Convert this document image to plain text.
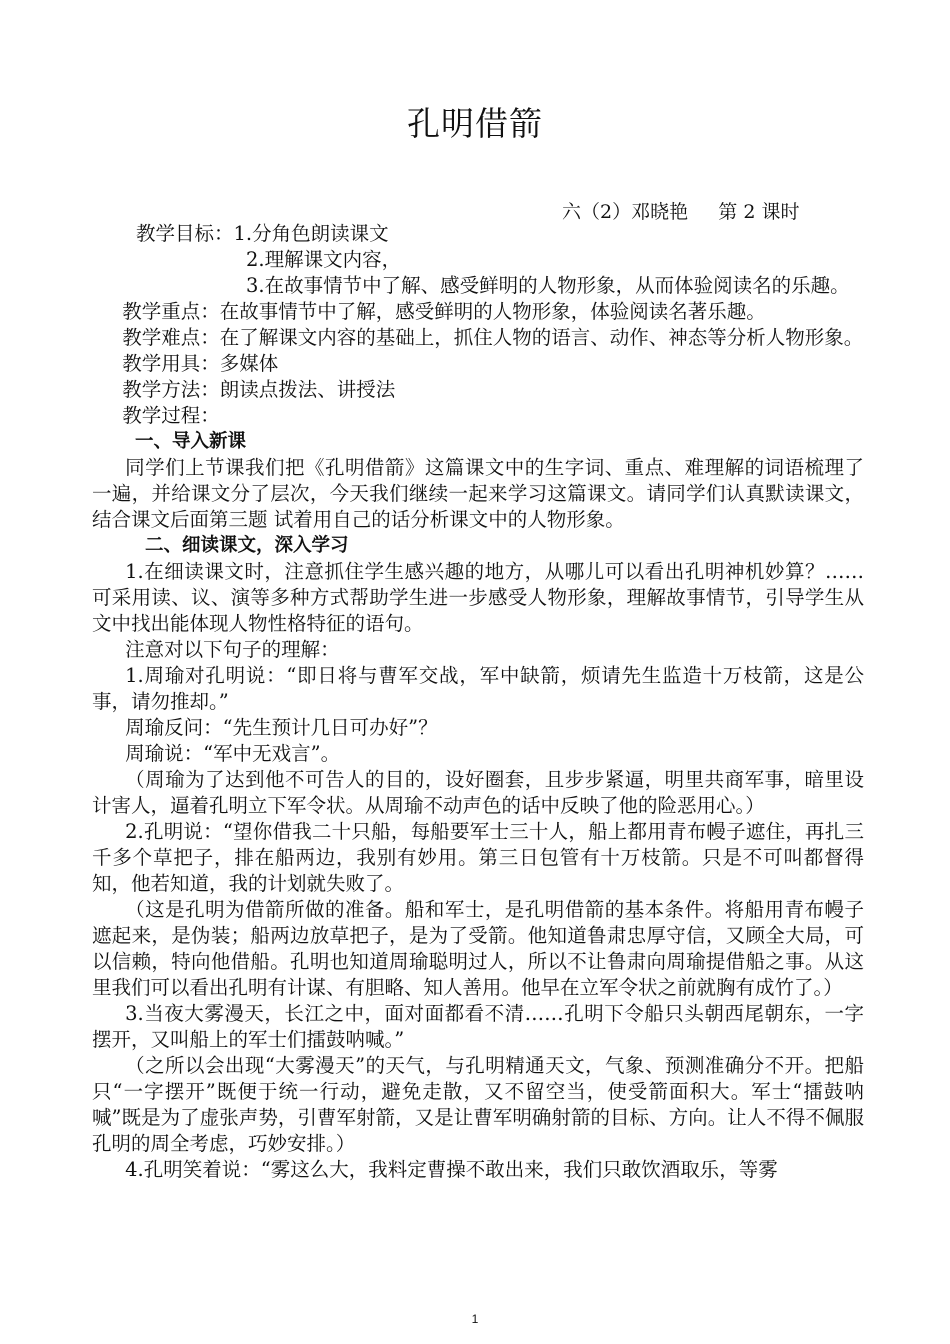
孔明借箭
六（2）邓晓艳     第 2 课时

教学目标：1.分角色朗读课文

2.理解课文内容，

3.在故事情节中了解、感受鲜明的人物形象，从而体验阅读名的乐趣。

教学重点：在故事情节中了解，感受鲜明的人物形象，体验阅读名著乐趣。

教学难点：在了解课文内容的基础上，抓住人物的语言、动作、神态等分析人物形象。

教学用具：多媒体

教学方法：朗读点拨法、讲授法

教学过程：

一、导入新课

同学们上节课我们把《孔明借箭》这篇课文中的生字词、重点、难理解的词语梳理了一遍，并给课文分了层次，今天我们继续一起来学习这篇课文。请同学们认真默读课文，结合课文后面第三题 试着用自己的话分析课文中的人物形象。

二、细读课文，深入学习

1.在细读课文时，注意抓住学生感兴趣的地方，从哪儿可以看出孔明神机妙算？……可采用读、议、演等多种方式帮助学生进一步感受人物形象，理解故事情节，引导学生从文中找出能体现人物性格特征的语句。

注意对以下句子的理解：

1.周瑜对孔明说：“即日将与曹军交战，军中缺箭，烦请先生监造十万枝箭，这是公事，请勿推却。”

周瑜反问：“先生预计几日可办好”？

周瑜说：“军中无戏言”。

（周瑜为了达到他不可告人的目的，设好圈套，且步步紧逼，明里共商军事，暗里设计害人，逼着孔明立下军令状。从周瑜不动声色的话中反映了他的险恶用心。）

2.孔明说：“望你借我二十只船，每船要军士三十人，船上都用青布幔子遮住，再扎三千多个草把子，排在船两边，我别有妙用。第三日包管有十万枝箭。只是不可叫都督得知，他若知道，我的计划就失败了。

（这是孔明为借箭所做的准备。船和军士，是孔明借箭的基本条件。将船用青布幔子遮起来，是伪装；船两边放草把子，是为了受箭。他知道鲁肃忠厚守信，又顾全大局，可以信赖，特向他借船。孔明也知道周瑜聪明过人，所以不让鲁肃向周瑜提借船之事。从这里我们可以看出孔明有计谋、有胆略、知人善用。他早在立军令状之前就胸有成竹了。）

3.当夜大雾漫天，长江之中，面对面都看不清……孔明下令船只头朝西尾朝东，一字摆开，又叫船上的军士们擂鼓呐喊。”

（之所以会出现“大雾漫天”的天气，与孔明精通天文，气象、预测准确分不开。把船只“一字摆开”既便于统一行动，避免走散，又不留空当，使受箭面积大。军士“擂鼓呐喊”既是为了虚张声势，引曹军射箭，又是让曹军明确射箭的目标、方向。让人不得不佩服孔明的周全考虑，巧妙安排。）

4.孔明笑着说：“雾这么大，我料定曹操不敢出来，我们只敢饮酒取乐，等雾

1
